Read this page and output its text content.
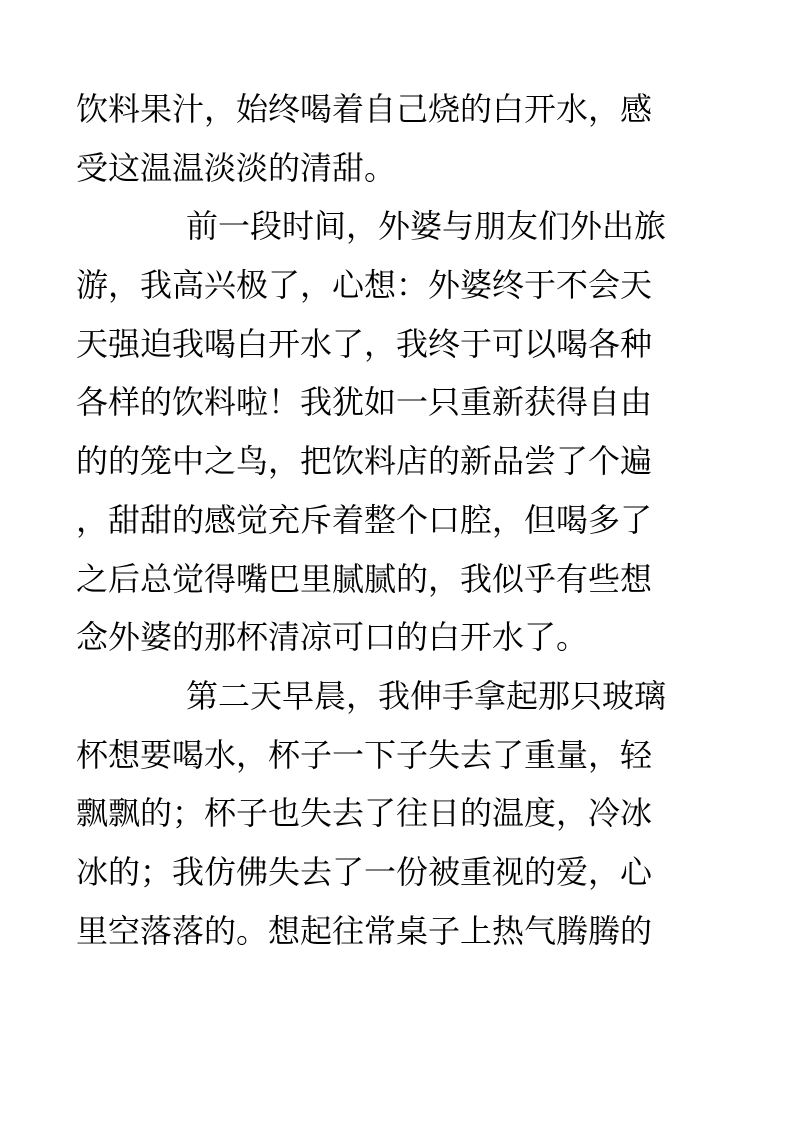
饮料果汁，始终喝着自己烧的白开水，感
受这温温淡淡的清甜。
前一段时间，外婆与朋友们外出旅
游，我高兴极了，心想：外婆终于不会天
天强迫我喝白开水了，我终于可以喝各种
各样的饮料啦！我犹如一只重新获得自由
的的笼中之鸟，把饮料店的新品尝了个遍
，甜甜的感觉充斥着整个口腔，但喝多了
之后总觉得嘴巴里腻腻的，我似乎有些想
念外婆的那杯清凉可口的白开水了。
第二天早晨，我伸手拿起那只玻璃
杯想要喝水，杯子一下子失去了重量，轻
飘飘的；杯子也失去了往日的温度，冷冰
冰的；我仿佛失去了一份被重视的爱，心
里空落落的。想起往常桌子上热气腾腾的
